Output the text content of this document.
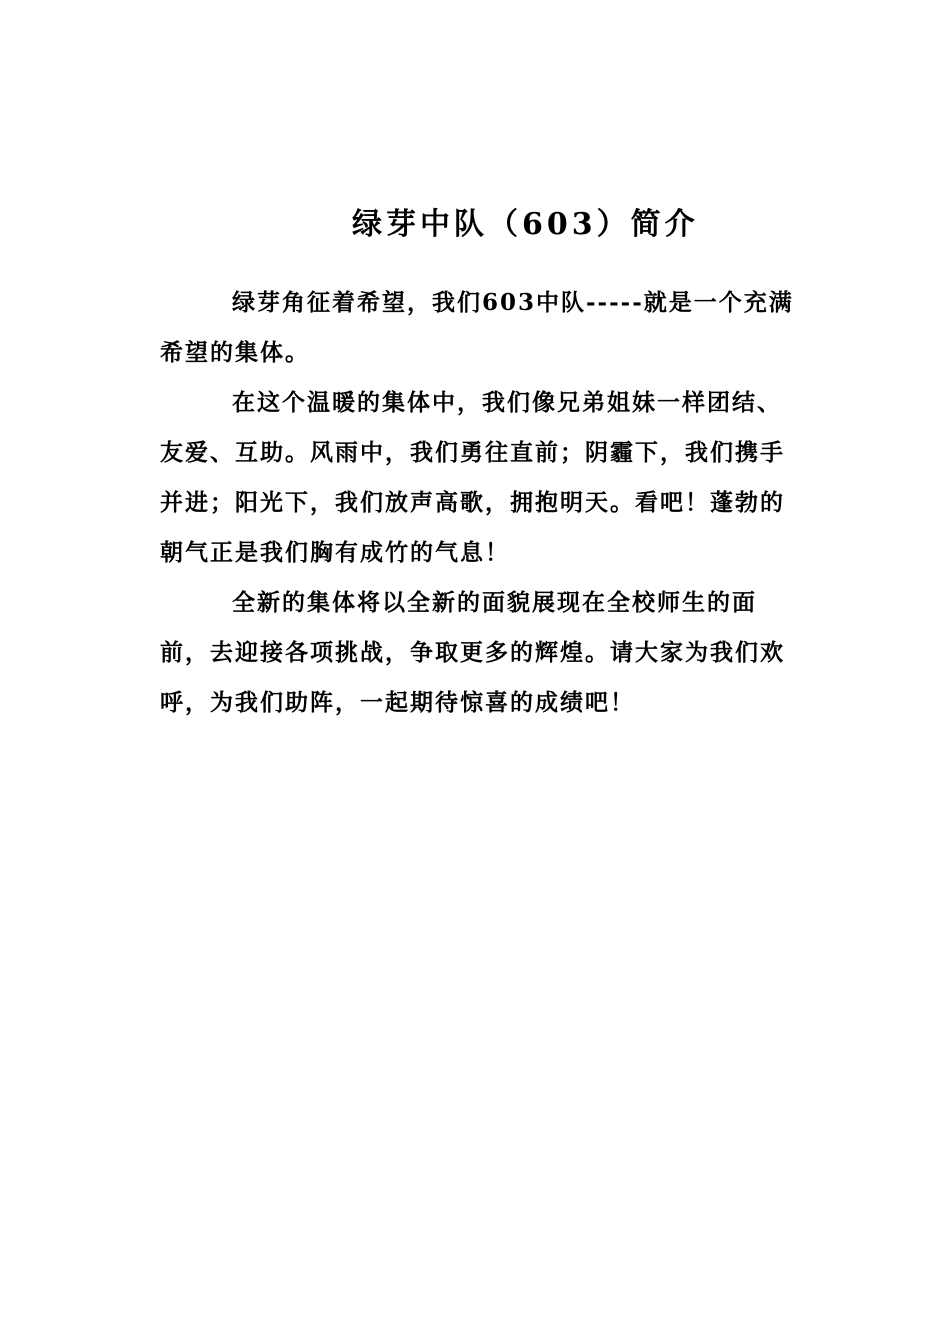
绿芽中队（603）简介

绿芽角征着希望，我们603中队-----就是一个充满希望的集体。

在这个温暖的集体中，我们像兄弟姐妹一样团结、友爱、互助。风雨中，我们勇往直前；阴霾下，我们携手并进；阳光下，我们放声高歌，拥抱明天。看吧！蓬勃的朝气正是我们胸有成竹的气息！

全新的集体将以全新的面貌展现在全校师生的面前，去迎接各项挑战，争取更多的辉煌。请大家为我们欢呼，为我们助阵，一起期待惊喜的成绩吧！
